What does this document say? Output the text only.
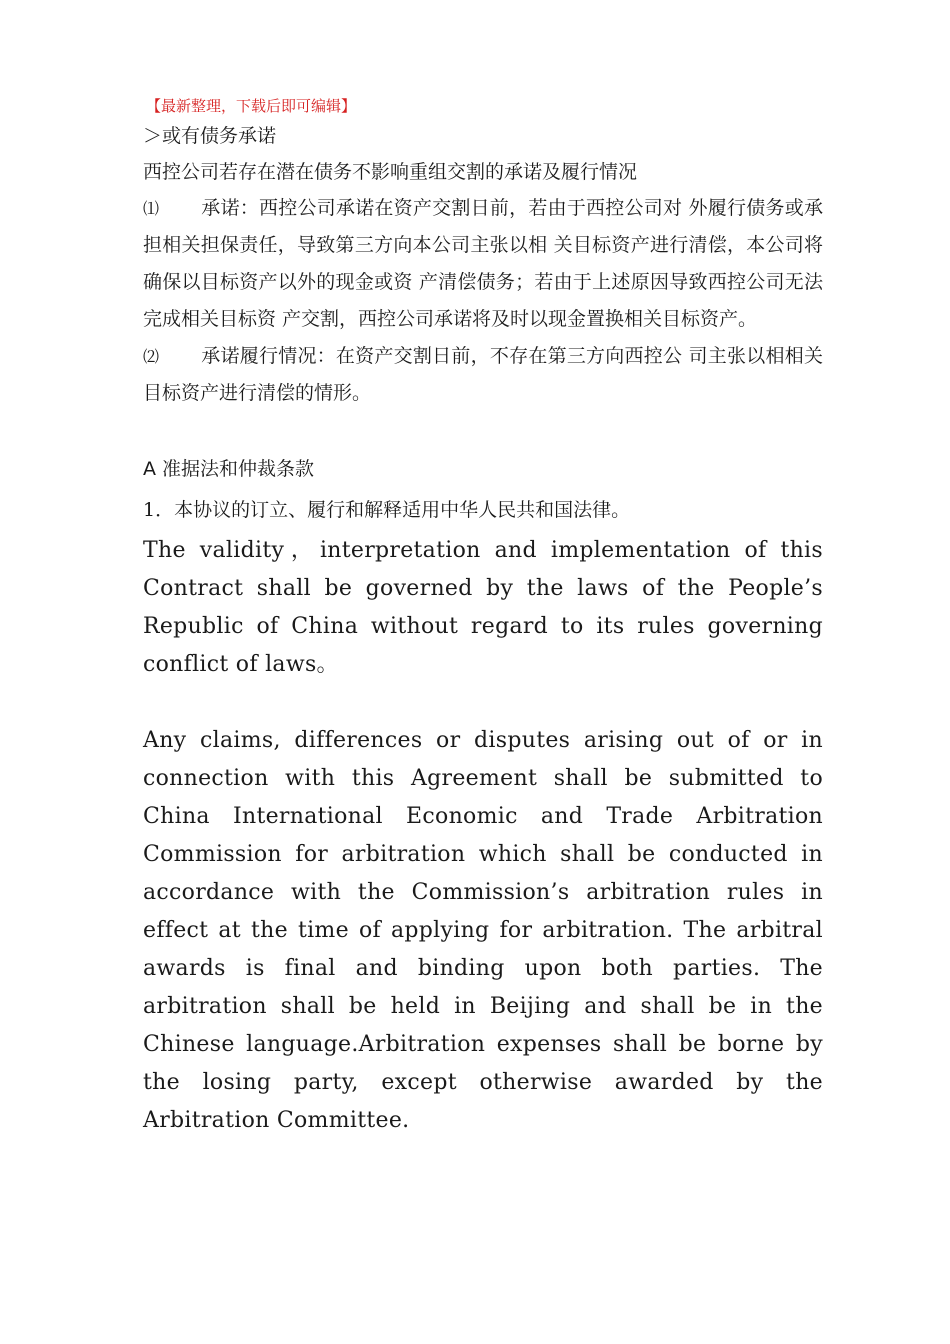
【最新整理，下载后即可编辑】

＞或有债务承诺

西控公司若存在潜在债务不影响重组交割的承诺及履行情况

⑴ 承诺：西控公司承诺在资产交割日前，若由于西控公司对 外履行债务或承担相关担保责任，导致第三方向本公司主张以相 关目标资产进行清偿，本公司将确保以目标资产以外的现金或资 产清偿债务；若由于上述原因导致西控公司无法完成相关目标资 产交割，西控公司承诺将及时以现金置换相关目标资产。

⑵ 承诺履行情况：在资产交割日前，不存在第三方向西控公 司主张以相相关目标资产进行清偿的情形。

A 准据法和仲裁条款

1．本协议的订立、履行和解释适用中华人民共和国法律。

The validity，interpretation and implementation of this Contract shall be governed by the laws of the People’s Republic of China without regard to its rules governing conflict of laws。

Any claims, differences or disputes arising out of or in connection with this Agreement shall be submitted to China International Economic and Trade Arbitration Commission for arbitration which shall be conducted in accordance with the Commission’s arbitration rules in effect at the time of applying for arbitration. The arbitral awards is final and binding upon both parties. The arbitration shall be held in Beijing and shall be in the Chinese language.Arbitration expenses shall be borne by the losing party, except otherwise awarded by the Arbitration Committee.
